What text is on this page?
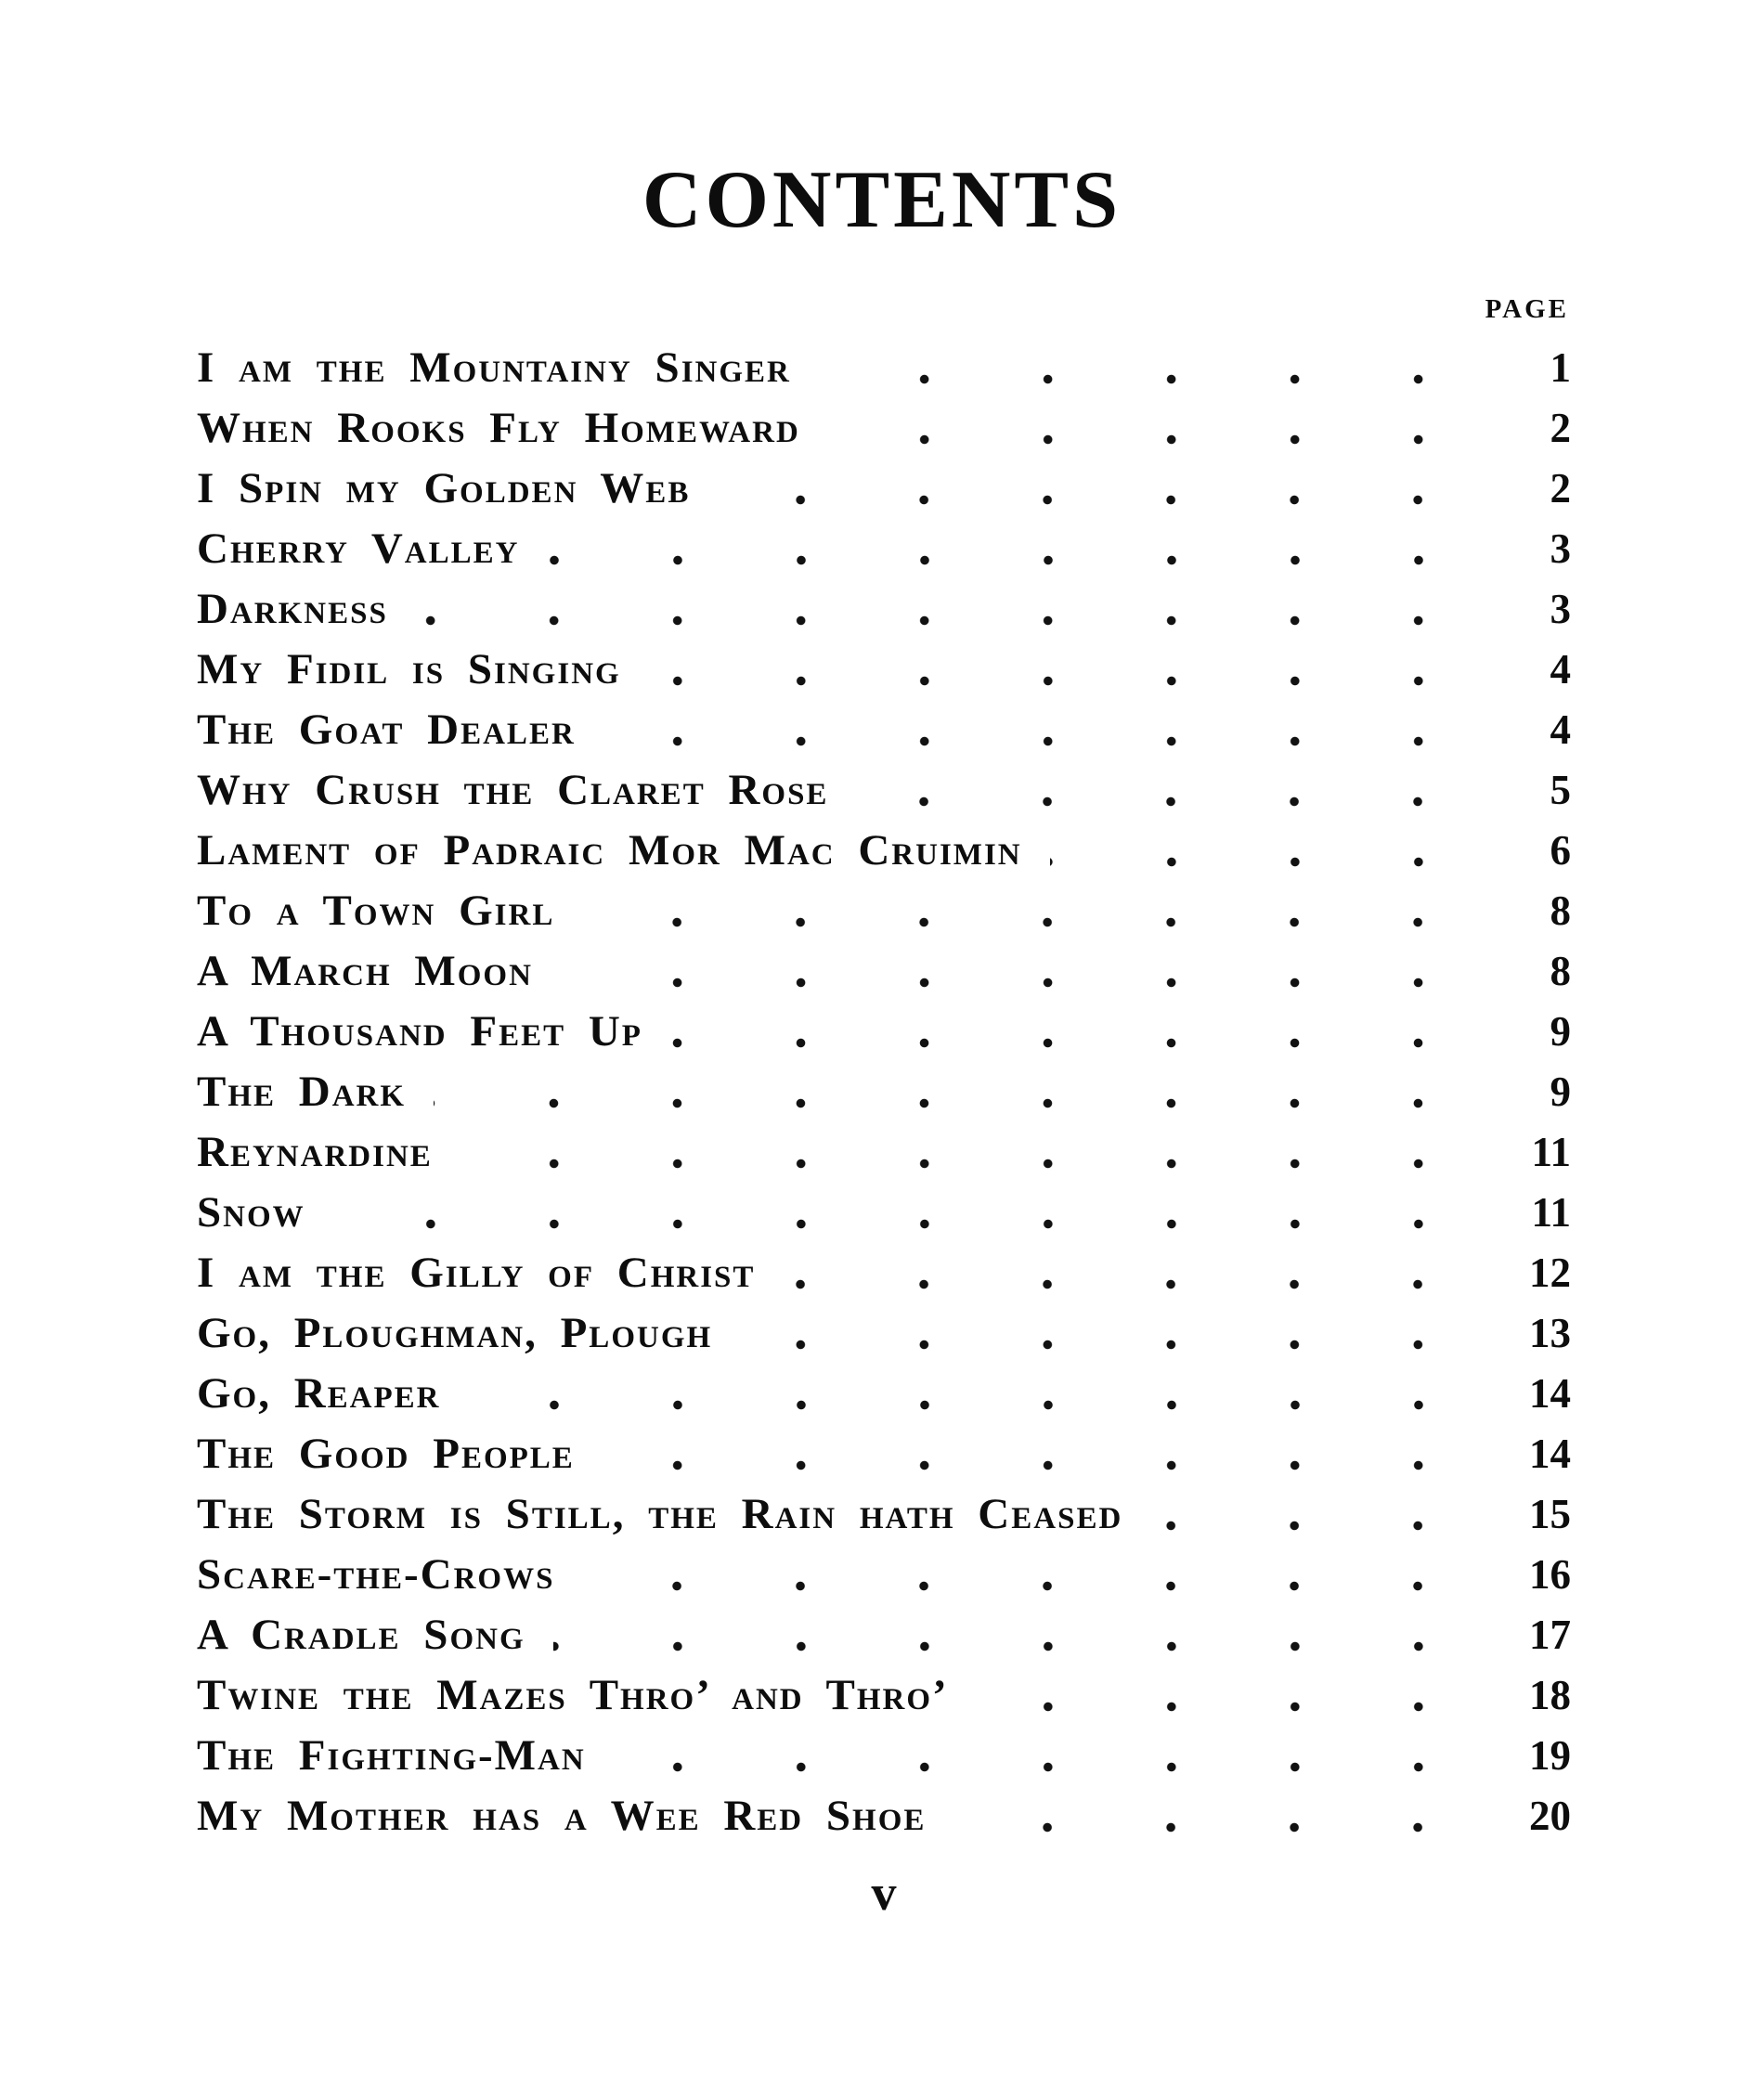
CONTENTS
PAGE
I am the Mountainy Singer	1
When Rooks Fly Homeward	2
I Spin my Golden Web	2
Cherry Valley	3
Darkness	3
My Fidil is Singing	4
The Goat Dealer	4
Why Crush the Claret Rose	5
Lament of Padraic Mor Mac Cruimin	6
To a Town Girl	8
A March Moon	8
A Thousand Feet Up	9
The Dark	9
Reynardine	11
Snow	11
I am the Gilly of Christ	12
Go, Ploughman, Plough	13
Go, Reaper	14
The Good People	14
The Storm is Still, the Rain hath Ceased	15
Scare-the-Crows	16
A Cradle Song	17
Twine the Mazes Thro’ and Thro’	18
The Fighting-Man	19
My Mother has a Wee Red Shoe	20
v
